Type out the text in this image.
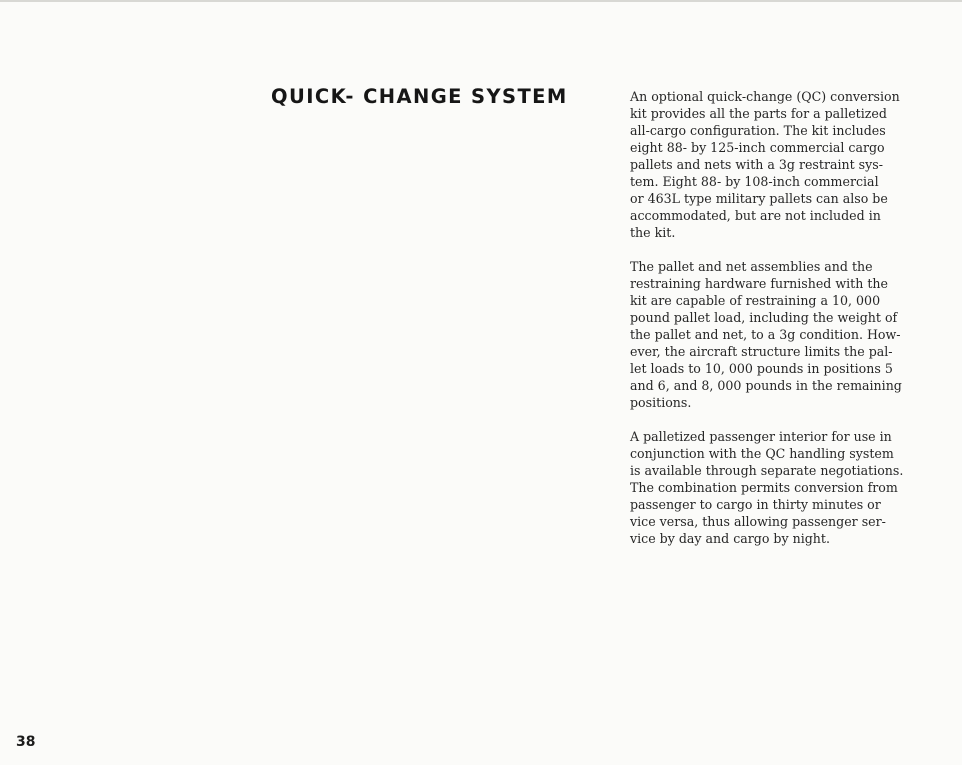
QUICK- CHANGE SYSTEM	An optional quick-change (QC) conversion
kit provides all the parts for a palletized
all-cargo configuration. The kit includes
eight 88- by 125-inch commercial cargo
pallets and nets with a 3g restraint sys-
tem. Eight 88- by 108-inch commercial
or 463L type military pallets can also be
accommodated, but are not included in
the kit.

The pallet and net assemblies and the
restraining hardware furnished with the
kit are capable of restraining a 10, 000
pound pallet load, including the weight of
the pallet and net, to a 3g condition. How-
ever, the aircraft structure limits the pal-
let loads to 10, 000 pounds in positions 5
and 6, and 8, 000 pounds in the remaining
positions.

A palletized passenger interior for use in
conjunction with the QC handling system
is available through separate negotiations.
The combination permits conversion from
passenger to cargo in thirty minutes or
vice versa, thus allowing passenger ser-
vice by day and cargo by night.

38
